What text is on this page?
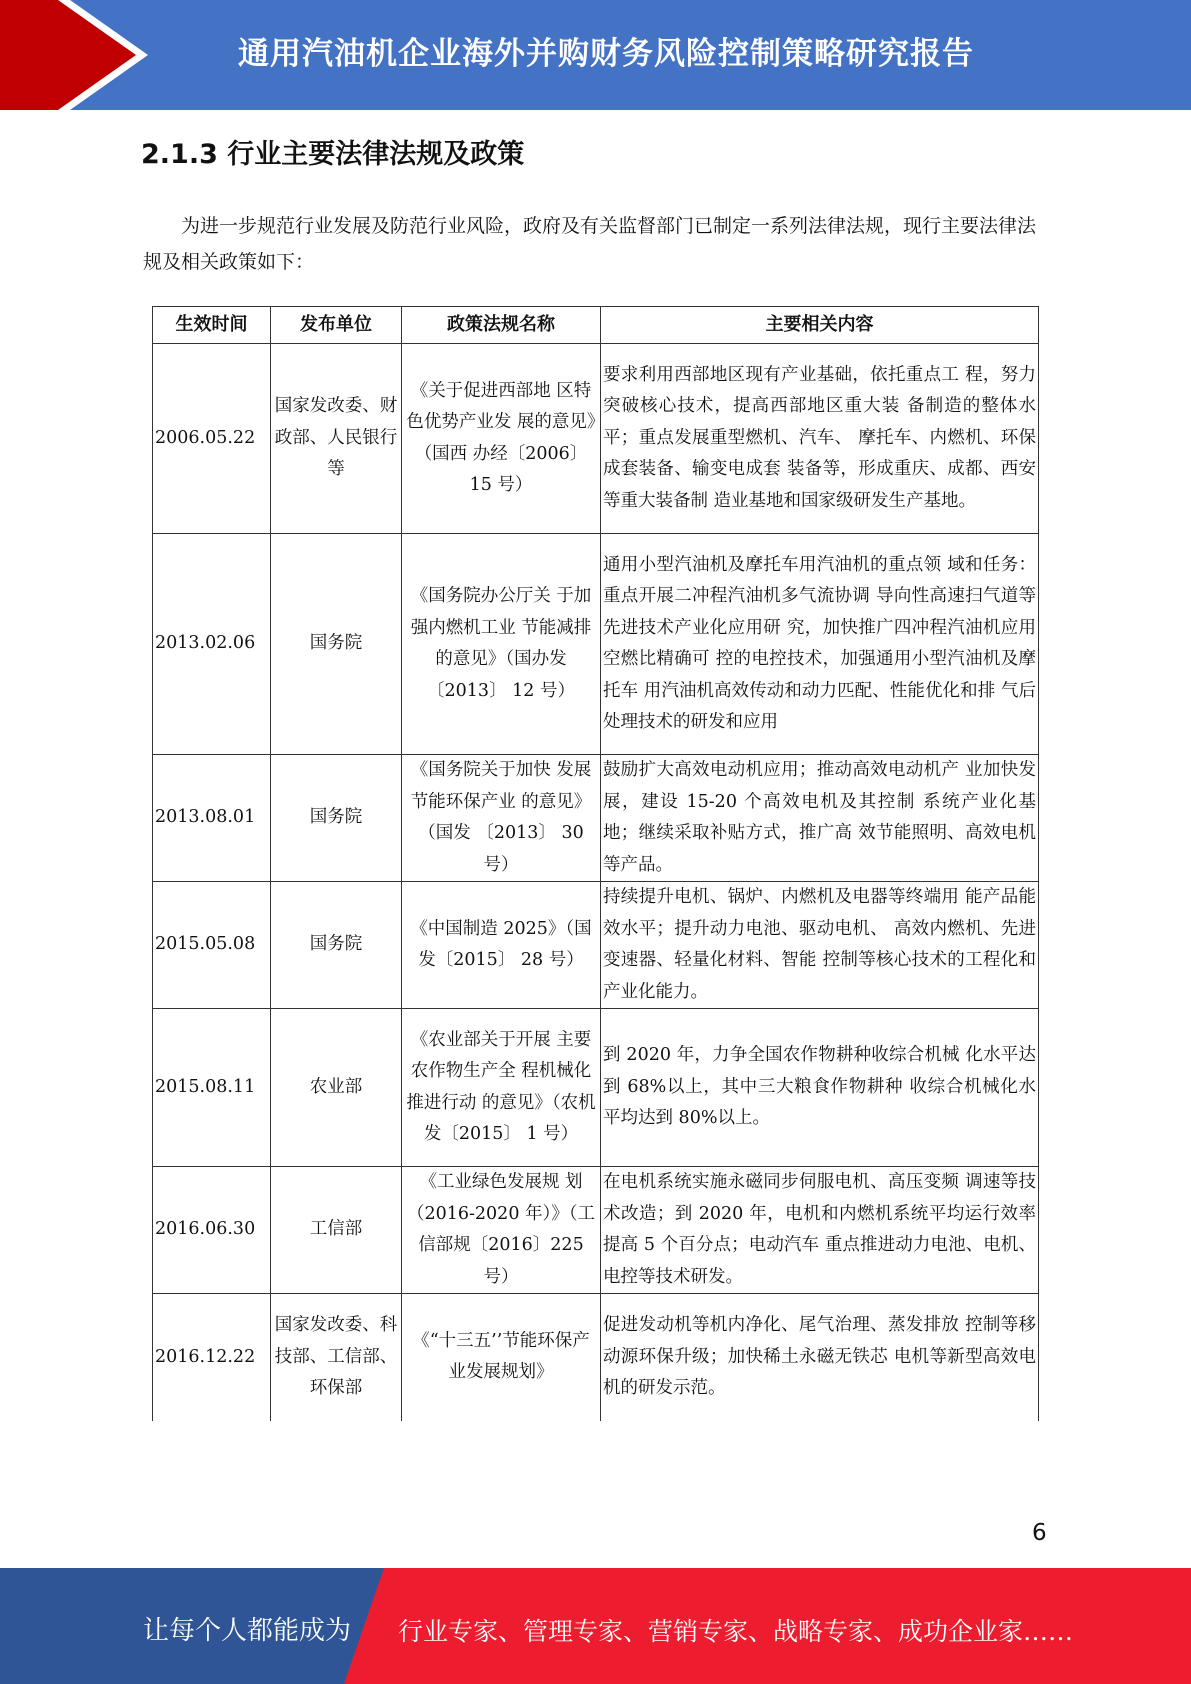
通用汽油机企业海外并购财务风险控制策略研究报告
2.1.3 行业主要法律法规及政策
为进一步规范行业发展及防范行业风险，政府及有关监督部门已制定一系列法律法规，现行主要法律法规及相关政策如下：
生效时间	发布单位	政策法规名称	主要相关内容
2006.05.22	国家发改委、财政部、人民银行等	《关于促进西部地 区特色优势产业发 展的意见》（国西 办经〔2006〕 15 号）	要求利用西部地区现有产业基础，依托重点工 程，努力突破核心技术，提高西部地区重大装 备制造的整体水平；重点发展重型燃机、汽车、 摩托车、内燃机、环保成套装备、输变电成套 装备等，形成重庆、成都、西安等重大装备制 造业基地和国家级研发生产基地。
2013.02.06	国务院	《国务院办公厅关 于加强内燃机工业 节能减排的意见》（国办发〔2013〕 12 号）	通用小型汽油机及摩托车用汽油机的重点领 域和任务：重点开展二冲程汽油机多气流协调 导向性高速扫气道等先进技术产业化应用研 究，加快推广四冲程汽油机应用空燃比精确可 控的电控技术，加强通用小型汽油机及摩托车 用汽油机高效传动和动力匹配、性能优化和排 气后处理技术的研发和应用
2013.08.01	国务院	《国务院关于加快 发展节能环保产业 的意见》（国发 〔2013〕 30 号）	鼓励扩大高效电动机应用；推动高效电动机产 业加快发展，建设 15-20 个高效电机及其控制 系统产业化基地；继续采取补贴方式，推广高 效节能照明、高效电机等产品。
2015.05.08	国务院	《中国制造 2025》（国发〔2015〕 28 号）	持续提升电机、锅炉、内燃机及电器等终端用 能产品能效水平；提升动力电池、驱动电机、 高效内燃机、先进变速器、轻量化材料、智能 控制等核心技术的工程化和产业化能力。
2015.08.11	农业部	《农业部关于开展 主要农作物生产全 程机械化推进行动 的意见》（农机发〔2015〕 1 号）	到 2020 年，力争全国农作物耕种收综合机械 化水平达到 68%以上，其中三大粮食作物耕种 收综合机械化水平均达到 80%以上。
2016.06.30	工信部	《工业绿色发展规 划（2016-2020 年）》（工信部规〔2016〕225 号）	在电机系统实施永磁同步伺服电机、高压变频 调速等技术改造；到 2020 年，电机和内燃机系统平均运行效率提高 5 个百分点；电动汽车 重点推进动力电池、电机、电控等技术研发。
2016.12.22	国家发改委、科技部、工信部、环保部	《“十三五’’节能环保产业发展规划》	促进发动机等机内净化、尾气治理、蒸发排放 控制等移动源环保升级；加快稀土永磁无铁芯 电机等新型高效电机的研发示范。
6
让每个人都能成为 行业专家、管理专家、营销专家、战略专家、成功企业家……
